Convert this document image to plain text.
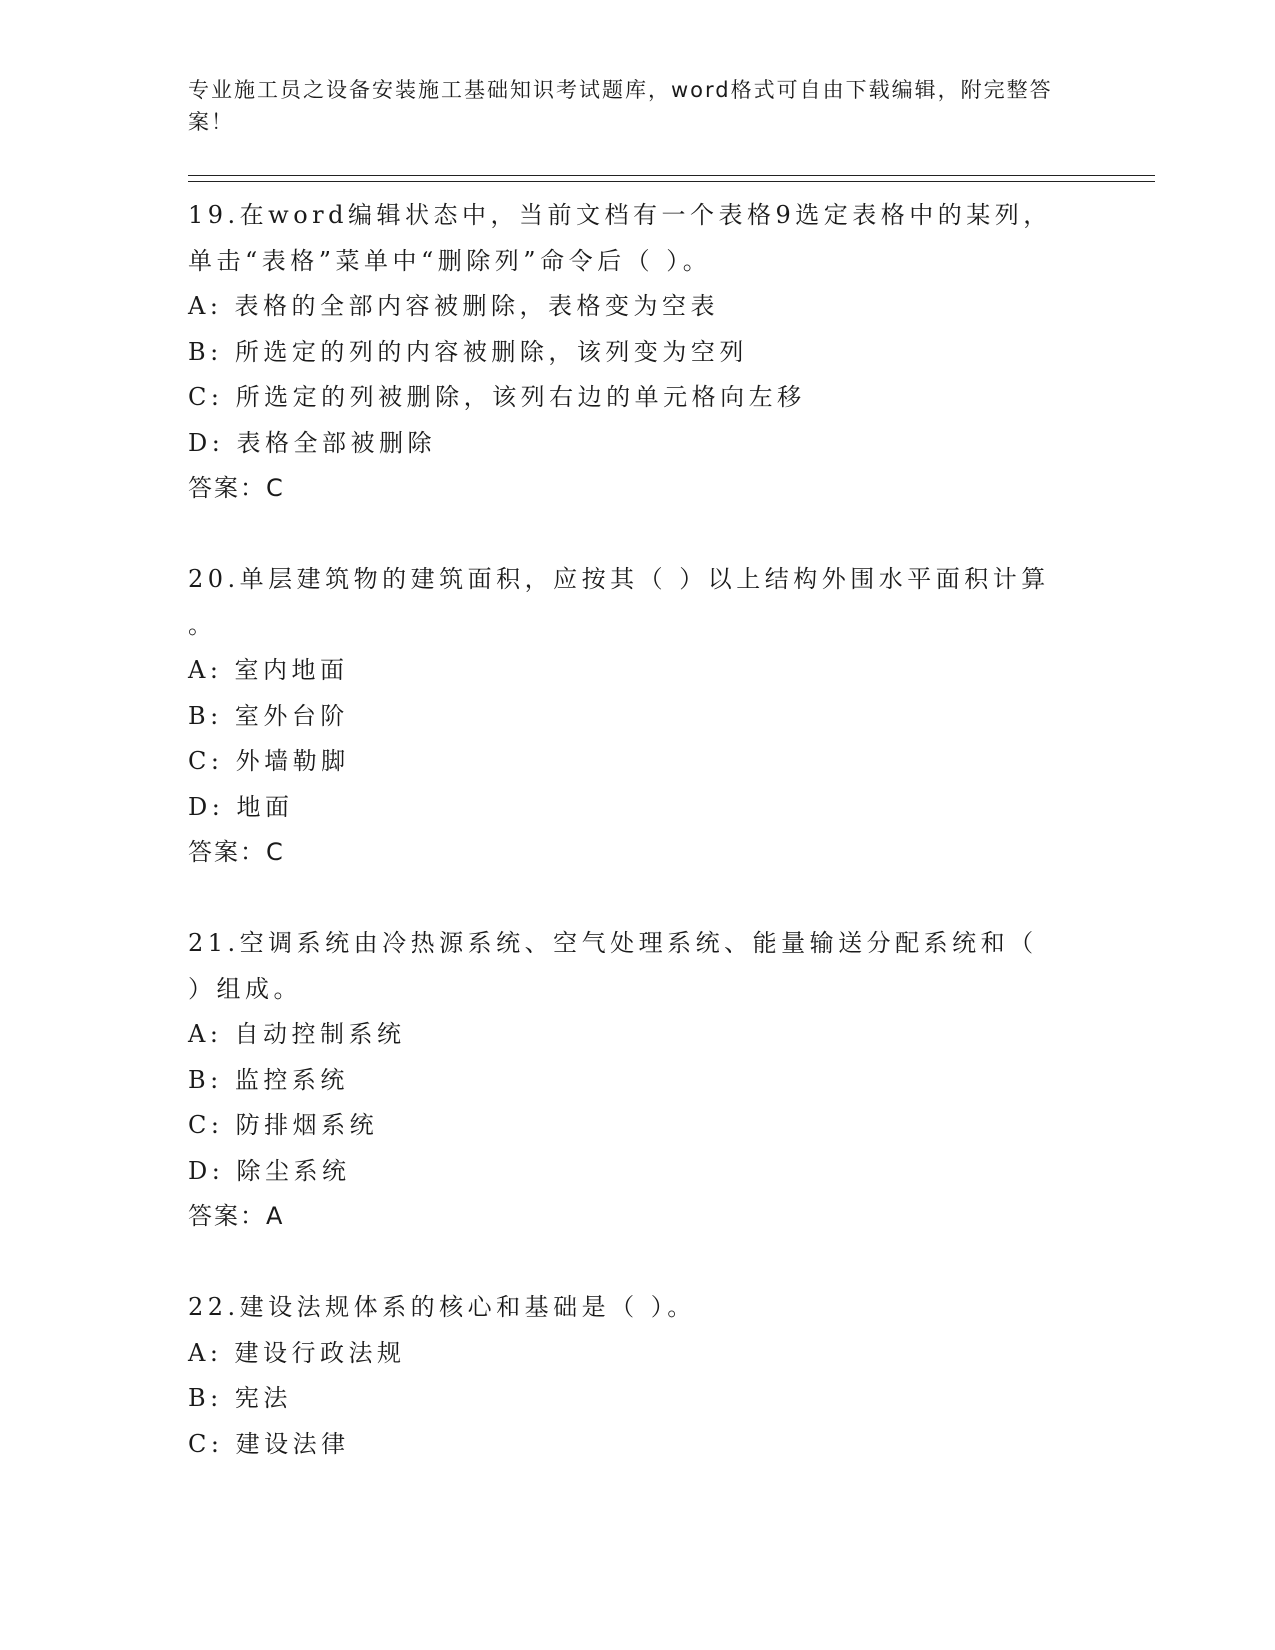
专业施工员之设备安装施工基础知识考试题库，word格式可自由下载编辑，附完整答案！
19.在word编辑状态中，当前文档有一个表格9选定表格中的某列，
单击“表格”菜单中“删除列”命令后（ ）。
A: 表格的全部内容被删除，表格变为空表
B: 所选定的列的内容被删除，该列变为空列
C: 所选定的列被删除，该列右边的单元格向左移
D: 表格全部被删除
答案：C
20.单层建筑物的建筑面积，应按其（ ）以上结构外围水平面积计算
。
A: 室内地面
B: 室外台阶
C: 外墙勒脚
D: 地面
答案：C
21.空调系统由冷热源系统、空气处理系统、能量输送分配系统和（
）组成。
A: 自动控制系统
B: 监控系统
C: 防排烟系统
D: 除尘系统
答案：A
22.建设法规体系的核心和基础是（ ）。
A: 建设行政法规
B: 宪法
C: 建设法律
